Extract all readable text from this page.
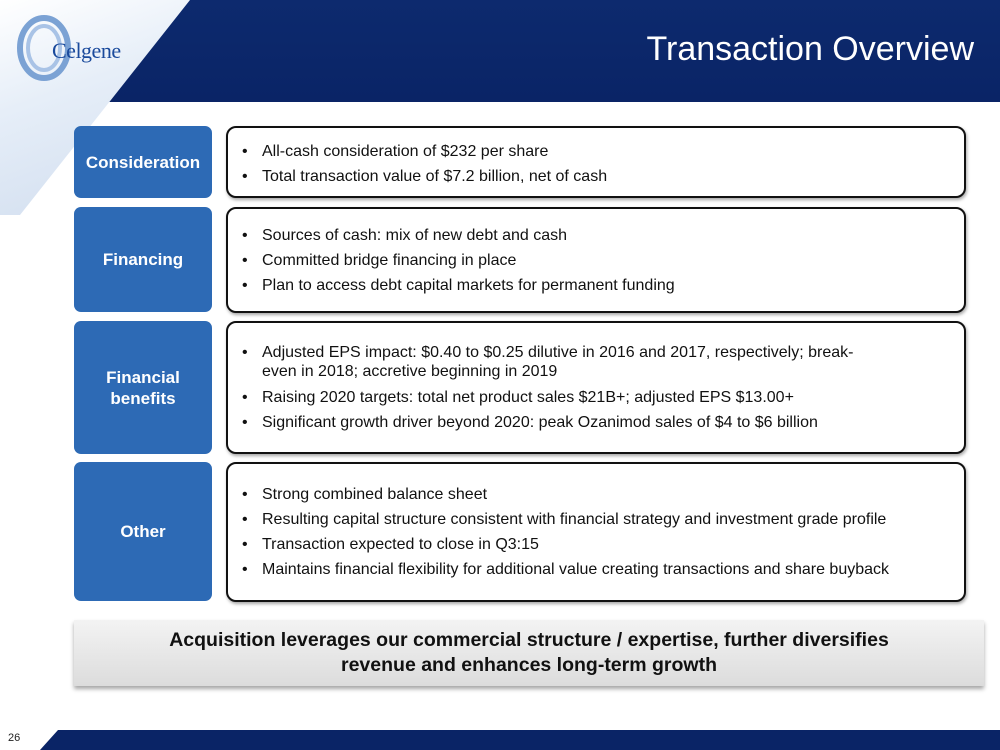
Celgene	Transaction Overview
Consideration
• All-cash consideration of $232 per share
• Total transaction value of $7.2 billion, net of cash
Financing
• Sources of cash: mix of new debt and cash
• Committed bridge financing in place
• Plan to access debt capital markets for permanent funding
Financial
benefits
• Adjusted EPS impact: $0.40 to $0.25 dilutive in 2016 and 2017, respectively; break-even in 2018; accretive beginning in 2019
• Raising 2020 targets: total net product sales $21B+; adjusted EPS $13.00+
• Significant growth driver beyond 2020: peak Ozanimod sales of $4 to $6 billion
Other
• Strong combined balance sheet
• Resulting capital structure consistent with financial strategy and investment grade profile
• Transaction expected to close in Q3:15
• Maintains financial flexibility for additional value creating transactions and share buyback
Acquisition leverages our commercial structure / expertise, further diversifies
revenue and enhances long-term growth
26
